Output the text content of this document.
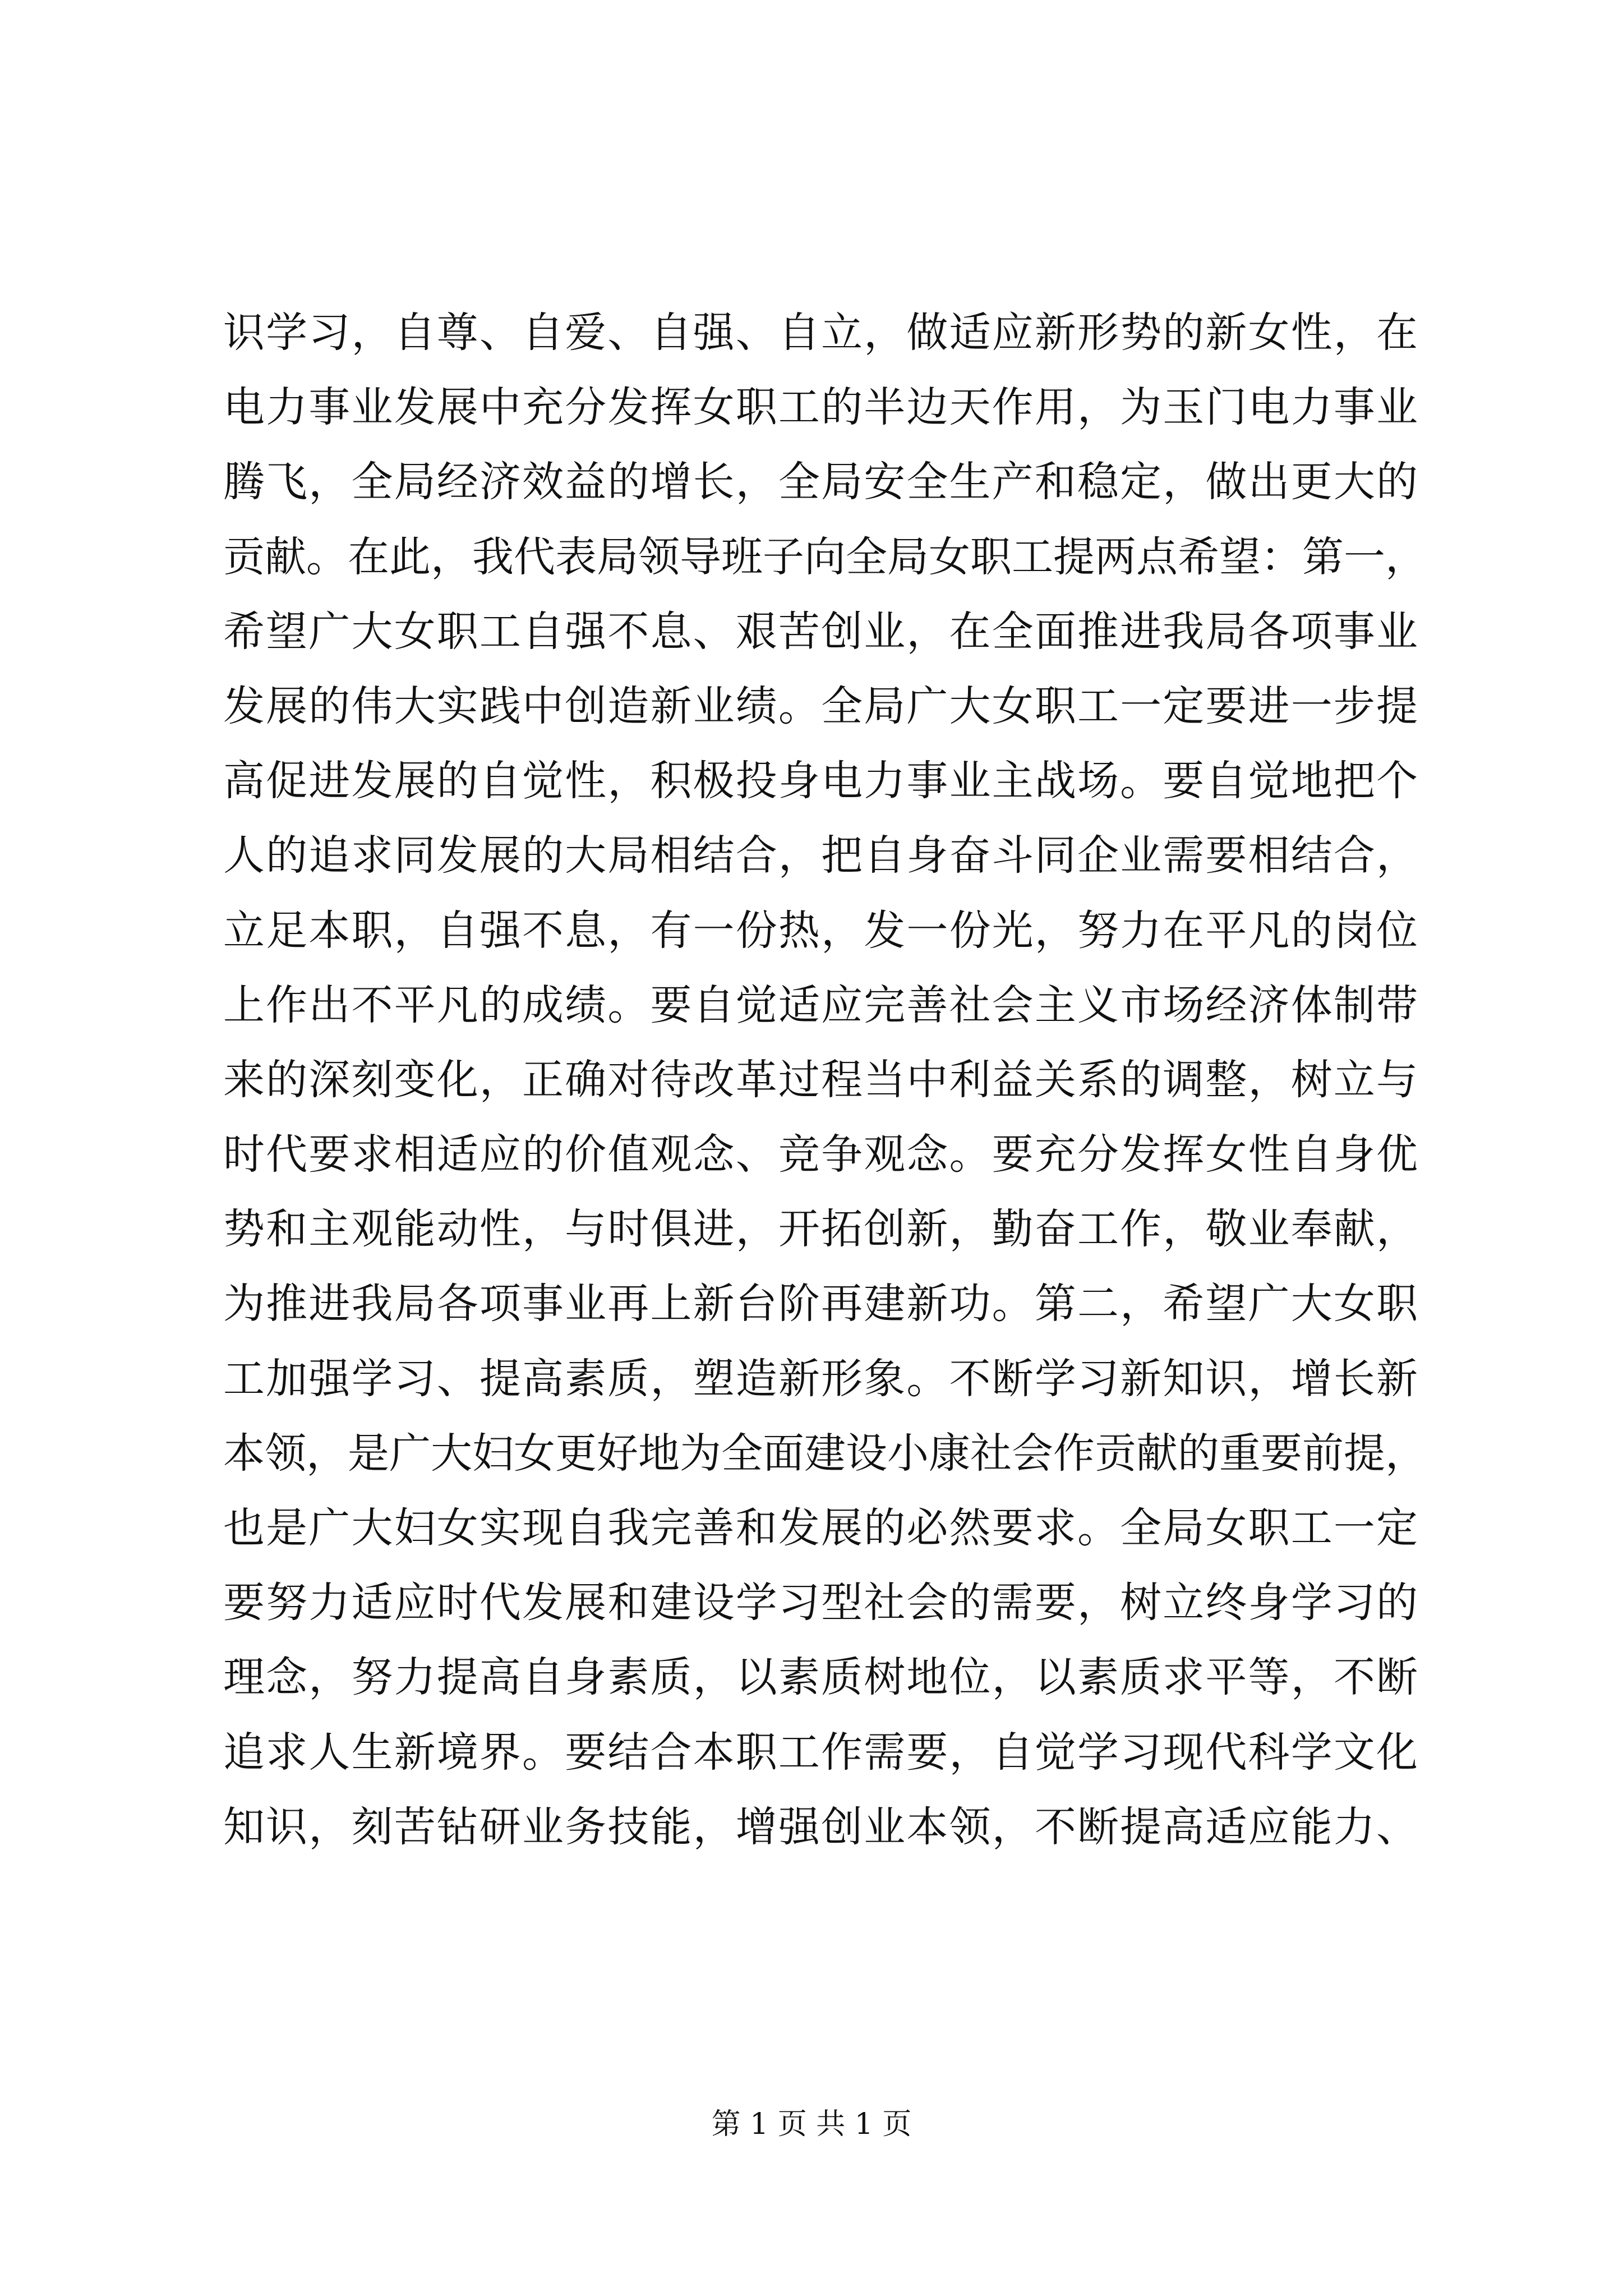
识学习，自尊、自爱、自强、自立，做适应新形势的新女性，在
电力事业发展中充分发挥女职工的半边天作用，为玉门电力事业
腾飞，全局经济效益的增长，全局安全生产和稳定，做出更大的
贡献。在此，我代表局领导班子向全局女职工提两点希望：第一，
希望广大女职工自强不息、艰苦创业，在全面推进我局各项事业
发展的伟大实践中创造新业绩。全局广大女职工一定要进一步提
高促进发展的自觉性，积极投身电力事业主战场。要自觉地把个
人的追求同发展的大局相结合，把自身奋斗同企业需要相结合，
立足本职，自强不息，有一份热，发一份光，努力在平凡的岗位
上作出不平凡的成绩。要自觉适应完善社会主义市场经济体制带
来的深刻变化，正确对待改革过程当中利益关系的调整，树立与
时代要求相适应的价值观念、竞争观念。要充分发挥女性自身优
势和主观能动性，与时俱进，开拓创新，勤奋工作，敬业奉献，
为推进我局各项事业再上新台阶再建新功。第二，希望广大女职
工加强学习、提高素质，塑造新形象。不断学习新知识，增长新
本领，是广大妇女更好地为全面建设小康社会作贡献的重要前提，
也是广大妇女实现自我完善和发展的必然要求。全局女职工一定
要努力适应时代发展和建设学习型社会的需要，树立终身学习的
理念，努力提高自身素质，以素质树地位，以素质求平等，不断
追求人生新境界。要结合本职工作需要，自觉学习现代科学文化
知识，刻苦钻研业务技能，增强创业本领，不断提高适应能力、
第 1 页 共 1 页
